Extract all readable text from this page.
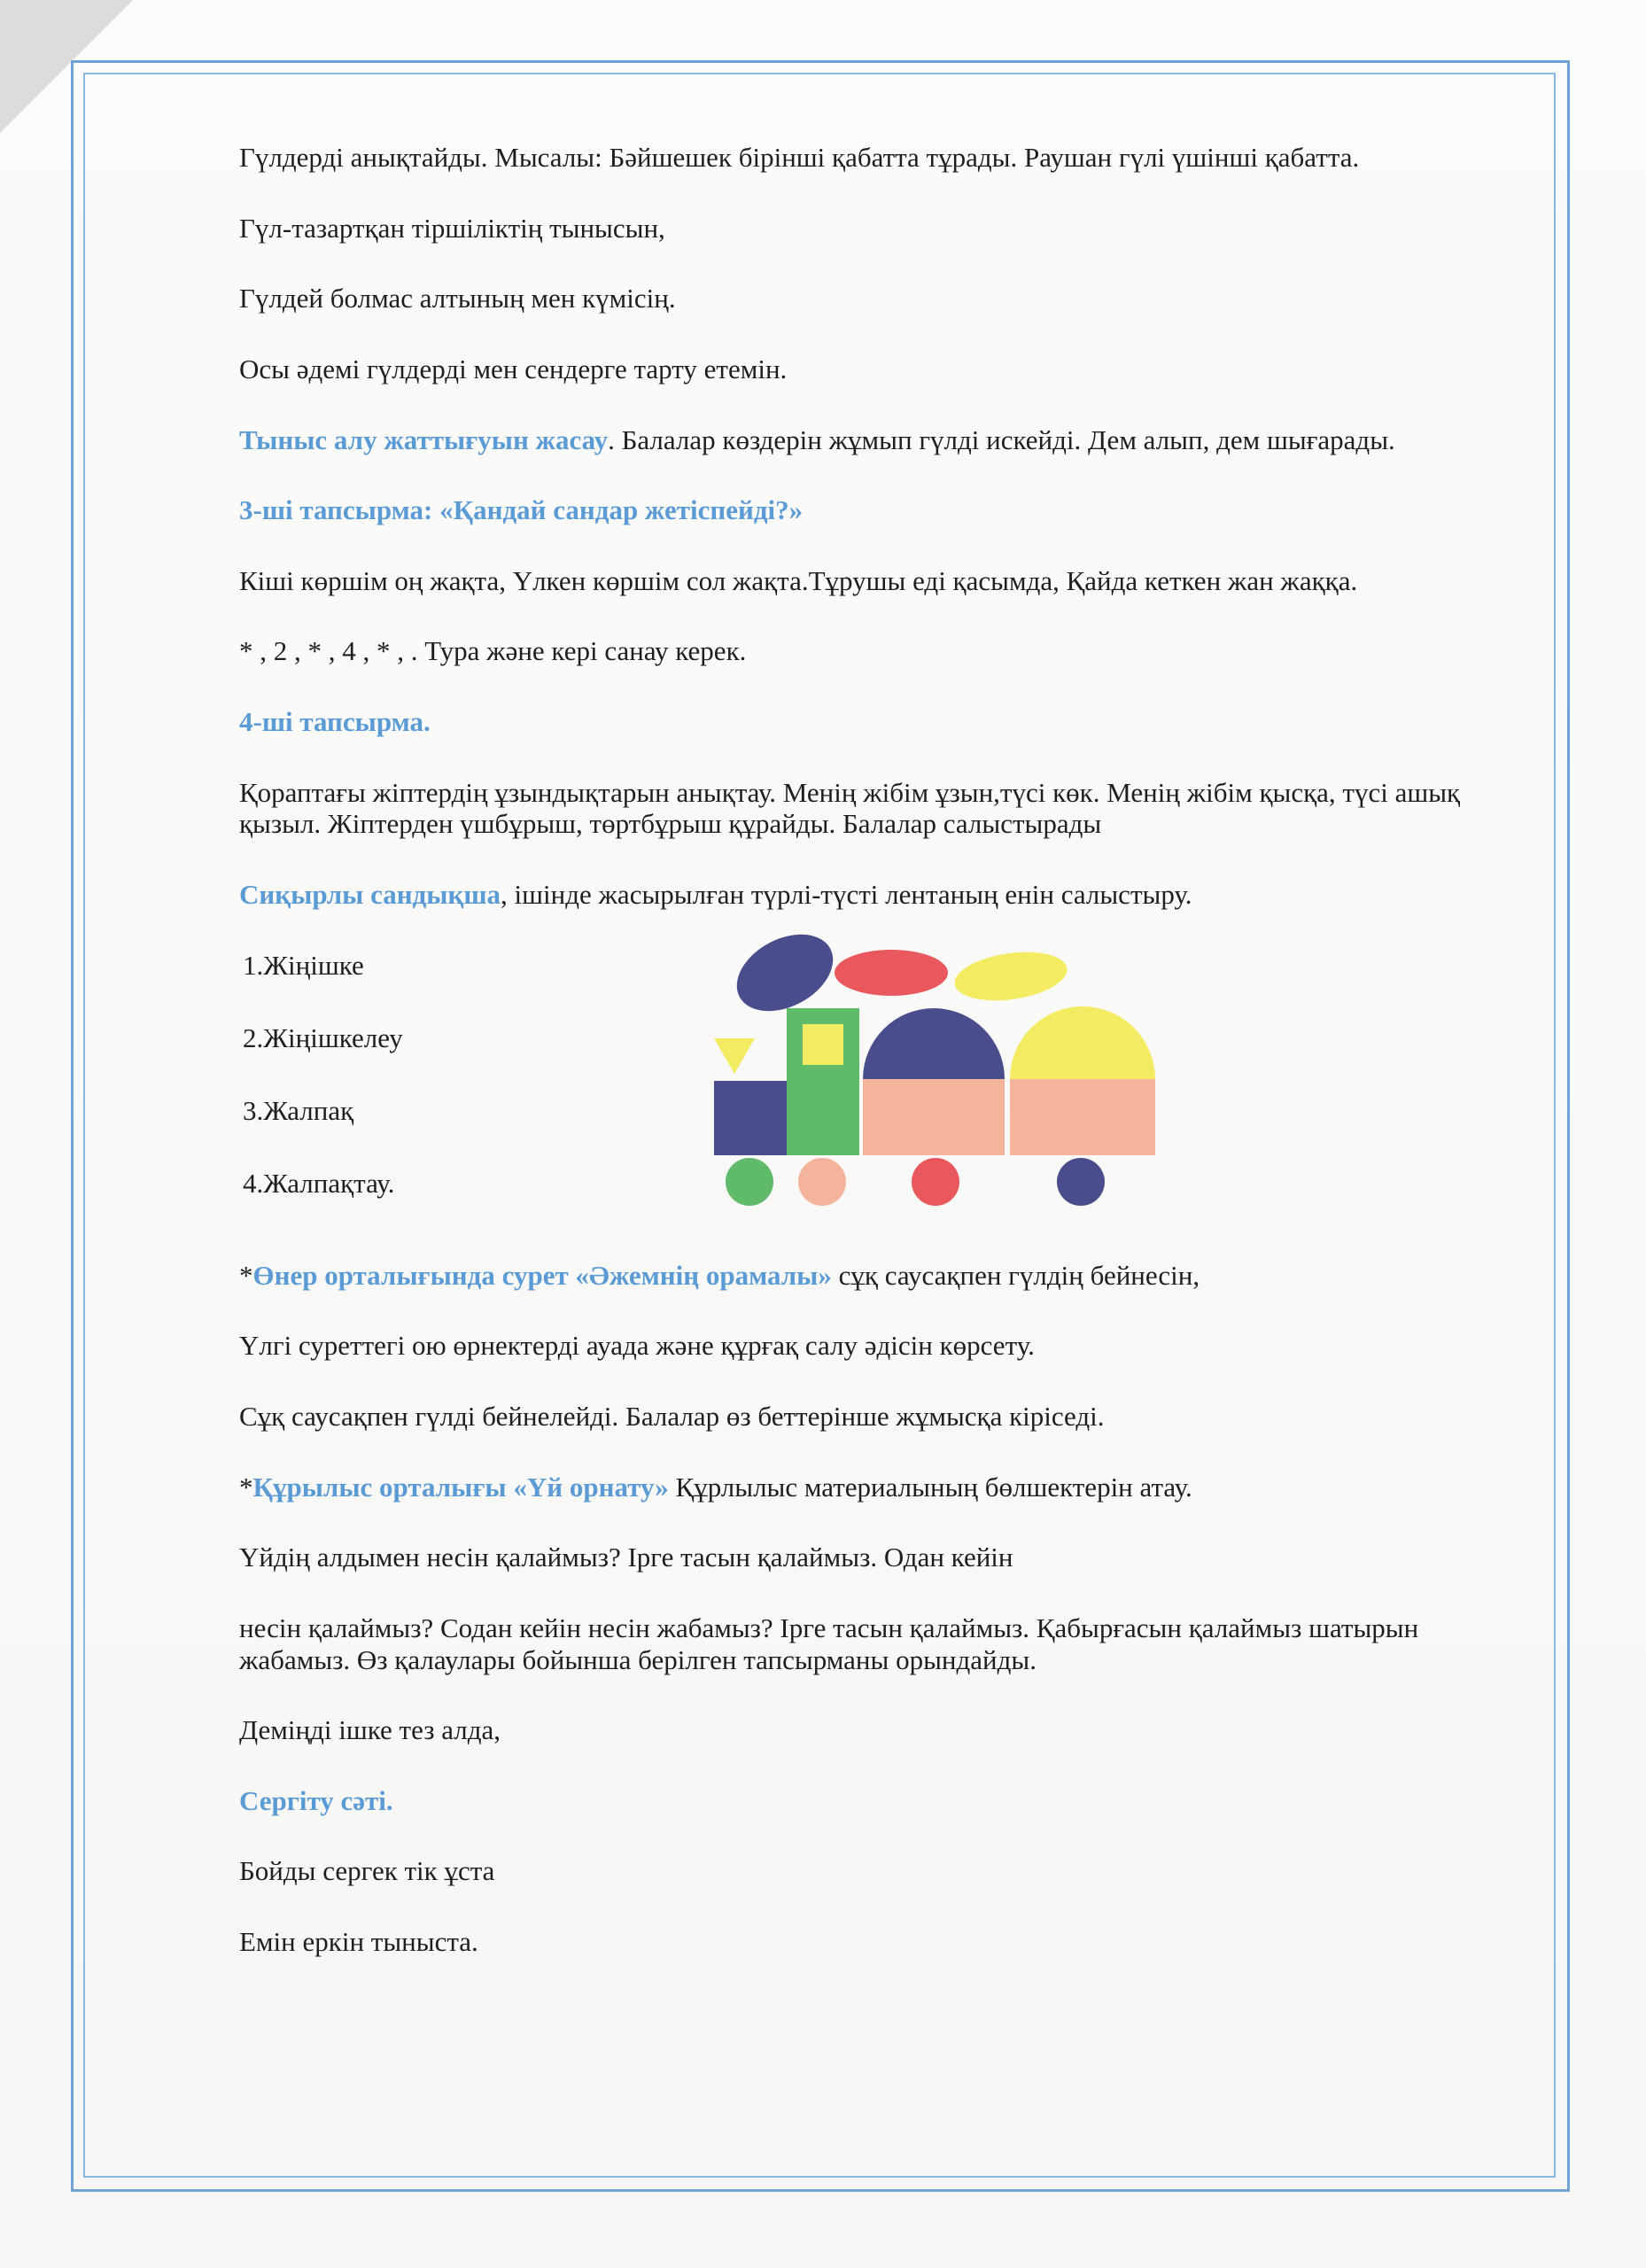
Гүлдерді анықтайды. Мысалы: Бәйшешек бірінші қабатта тұрады. Раушан гүлі үшінші қабатта.

Гүл-тазартқан тіршіліктің тынысын,

Гүлдей болмас алтының мен күмісің.

Осы әдемі гүлдерді мен сендерге тарту етемін.

Тыныс алу жаттығуын жасау. Балалар көздерін жұмып гүлді искейді. Дем алып, дем шығарады.

3-ші тапсырма: «Қандай сандар жетіспейді?»

Кіші көршім оң жақта, Үлкен көршім сол жақта.Тұрушы еді қасымда, Қайда кеткен жан жаққа.

* , 2 , * , 4 , * , . Тура және кері санау керек.

4-ші тапсырма.

Қораптағы жіптердің ұзындықтарын анықтау. Менің жібім ұзын,түсі көк. Менің жібім қысқа, түсі ашық қызыл. Жіптерден үшбұрыш, төртбұрыш құрайды. Балалар салыстырады

Сиқырлы сандықша, ішінде жасырылған түрлі-түсті лентаның енін салыстыру.

1.Жіңішке
2.Жіңішкелеу
3.Жалпақ
4.Жалпақтау.

*Өнер орталығында сурет «Әжемнің орамалы» сұқ саусақпен гүлдің бейнесін,

Үлгі суреттегі ою өрнектерді ауада және құрғақ салу әдісін көрсету.

Сұқ саусақпен гүлді бейнелейді. Балалар өз беттерінше жұмысқа кіріседі.

*Құрылыс орталығы «Үй орнату» Құрлылыс материалының бөлшектерін атау.

Үйдің алдымен несін қалаймыз? Ірге тасын қалаймыз. Одан кейін

несін қалаймыз? Содан кейін несін жабамыз? Ірге тасын қалаймыз. Қабырғасын қалаймыз шатырын жабамыз. Өз қалаулары бойынша берілген тапсырманы орындайды.

Деміңді ішке тез алда,

Сергіту сәті.

Бойды сергек тік ұста

Емін еркін тыныста.
